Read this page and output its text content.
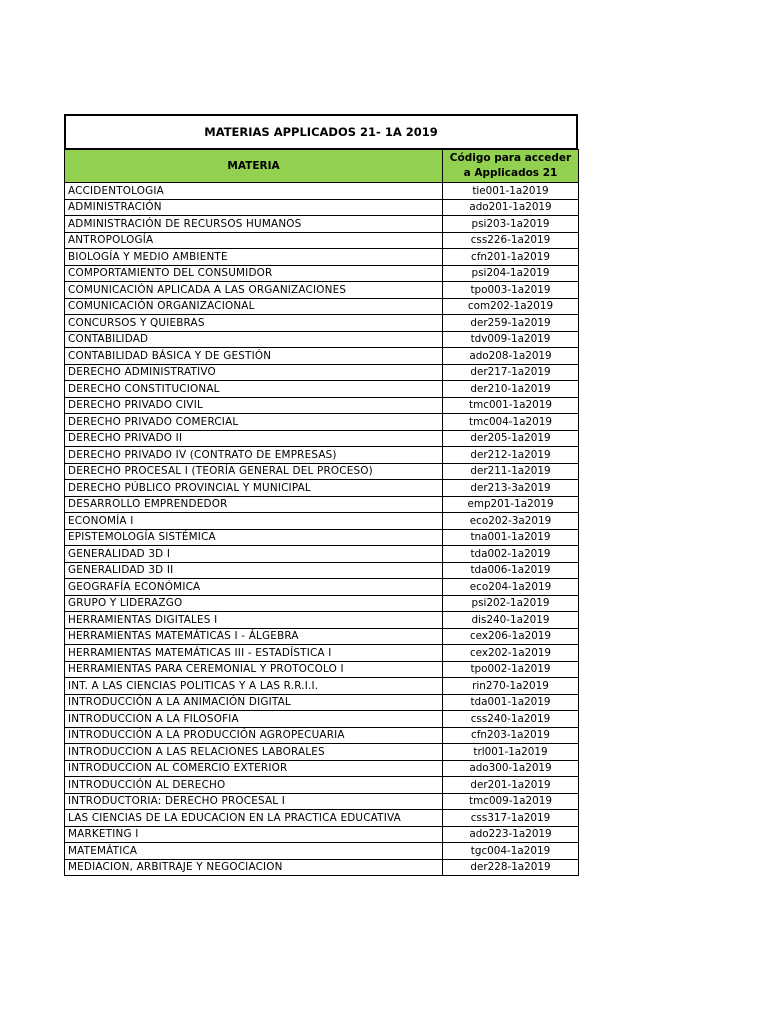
MATERIAS APPLICADOS 21- 1A 2019
MATERIA	Código para acceder a Applicados 21
ACCIDENTOLOGIA	tie001-1a2019
ADMINISTRACIÓN	ado201-1a2019
ADMINISTRACIÓN DE RECURSOS HUMANOS	psi203-1a2019
ANTROPOLOGÍA	css226-1a2019
BIOLOGÍA Y MEDIO AMBIENTE	cfn201-1a2019
COMPORTAMIENTO DEL CONSUMIDOR	psi204-1a2019
COMUNICACIÓN APLICADA A LAS ORGANIZACIONES	tpo003-1a2019
COMUNICACIÓN ORGANIZACIONAL	com202-1a2019
CONCURSOS Y QUIEBRAS	der259-1a2019
CONTABILIDAD	tdv009-1a2019
CONTABILIDAD BÁSICA Y DE GESTIÓN	ado208-1a2019
DERECHO ADMINISTRATIVO	der217-1a2019
DERECHO CONSTITUCIONAL	der210-1a2019
DERECHO PRIVADO CIVIL	tmc001-1a2019
DERECHO PRIVADO COMERCIAL	tmc004-1a2019
DERECHO PRIVADO II	der205-1a2019
DERECHO PRIVADO IV (CONTRATO DE EMPRESAS)	der212-1a2019
DERECHO PROCESAL I (TEORÍA GENERAL DEL PROCESO)	der211-1a2019
DERECHO PÚBLICO PROVINCIAL Y MUNICIPAL	der213-3a2019
DESARROLLO EMPRENDEDOR	emp201-1a2019
ECONOMÍA I	eco202-3a2019
EPISTEMOLOGÍA SISTÉMICA	tna001-1a2019
GENERALIDAD 3D I	tda002-1a2019
GENERALIDAD 3D II	tda006-1a2019
GEOGRAFÍA ECONÓMICA	eco204-1a2019
GRUPO Y LIDERAZGO	psi202-1a2019
HERRAMIENTAS DIGITALES I	dis240-1a2019
HERRAMIENTAS MATEMÁTICAS I - ÁLGEBRA	cex206-1a2019
HERRAMIENTAS MATEMÁTICAS III - ESTADÍSTICA I	cex202-1a2019
HERRAMIENTAS PARA CEREMONIAL Y PROTOCOLO I	tpo002-1a2019
INT. A LAS CIENCIAS POLITICAS Y A LAS R.R.I.I.	rin270-1a2019
INTRODUCCIÓN A LA ANIMACIÓN DIGITAL	tda001-1a2019
INTRODUCCION A LA FILOSOFIA	css240-1a2019
INTRODUCCIÓN A LA PRODUCCIÓN AGROPECUARIA	cfn203-1a2019
INTRODUCCION A LAS RELACIONES LABORALES	trl001-1a2019
INTRODUCCION AL COMERCIO EXTERIOR	ado300-1a2019
INTRODUCCIÓN AL DERECHO	der201-1a2019
INTRODUCTORIA: DERECHO PROCESAL I	tmc009-1a2019
LAS CIENCIAS DE LA EDUCACION EN LA PRACTICA EDUCATIVA	css317-1a2019
MARKETING I	ado223-1a2019
MATEMÁTICA	tgc004-1a2019
MEDIACION, ARBITRAJE Y NEGOCIACION	der228-1a2019
